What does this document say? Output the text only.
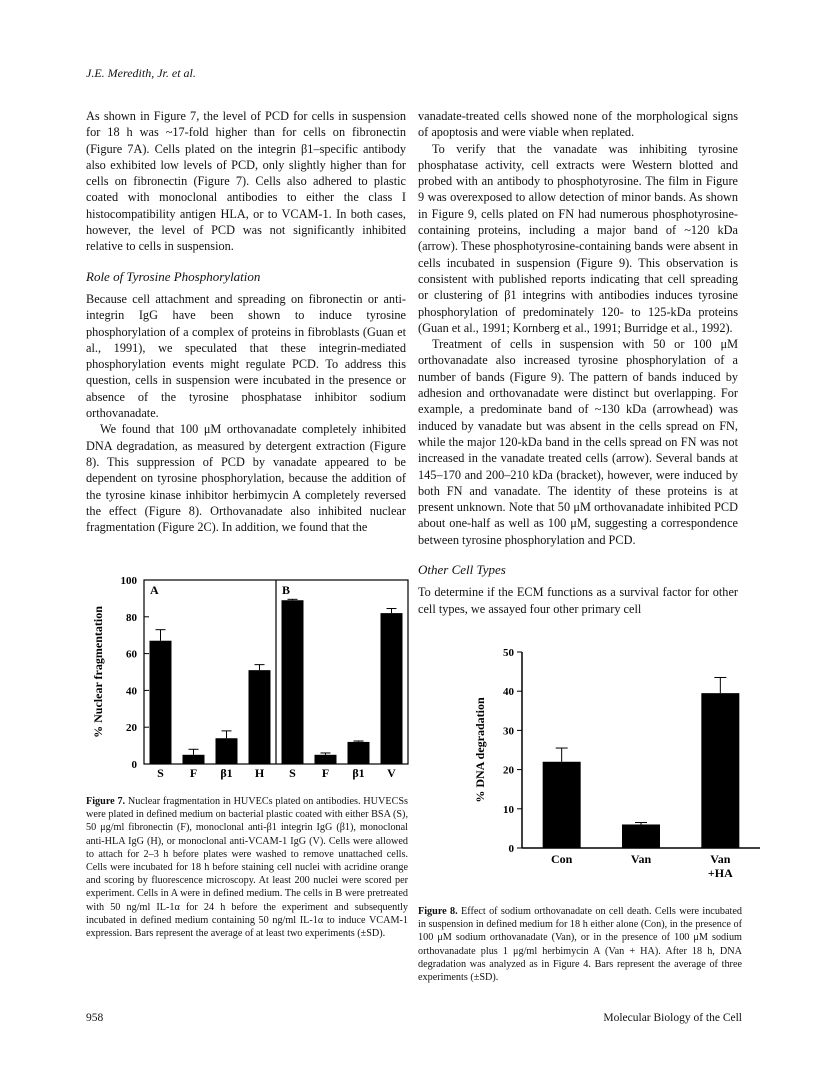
J.E. Meredith, Jr. et al.

As shown in Figure 7, the level of PCD for cells in suspension for 18 h was ~17-fold higher than for cells on fibronectin (Figure 7A). Cells plated on the integrin β1–specific antibody also exhibited low levels of PCD, only slightly higher than for cells on fibronectin (Figure 7). Cells also adhered to plastic coated with monoclonal antibodies to either the class I histocompatibility antigen HLA, or to VCAM-1. In both cases, however, the level of PCD was not significantly inhibited relative to cells in suspension.

Role of Tyrosine Phosphorylation

Because cell attachment and spreading on fibronectin or anti-integrin IgG have been shown to induce tyrosine phosphorylation of a complex of proteins in fibroblasts (Guan et al., 1991), we speculated that these integrin-mediated phosphorylation events might regulate PCD. To address this question, cells in suspension were incubated in the presence or absence of the tyrosine phosphatase inhibitor sodium orthovanadate.

We found that 100 μM orthovanadate completely inhibited DNA degradation, as measured by detergent extraction (Figure 8). This suppression of PCD by vanadate appeared to be dependent on tyrosine phosphorylation, because the addition of the tyrosine kinase inhibitor herbimycin A completely reversed the effect (Figure 8). Orthovanadate also inhibited nuclear fragmentation (Figure 2C). In addition, we found that the

vanadate-treated cells showed none of the morphological signs of apoptosis and were viable when replated.

To verify that the vanadate was inhibiting tyrosine phosphatase activity, cell extracts were Western blotted and probed with an antibody to phosphotyrosine. The film in Figure 9 was overexposed to allow detection of minor bands. As shown in Figure 9, cells plated on FN had numerous phosphotyrosine-containing proteins, including a major band of ~120 kDa (arrow). These phosphotyrosine-containing bands were absent in cells incubated in suspension (Figure 9). This observation is consistent with published reports indicating that cell spreading or clustering of β1 integrins with antibodies induces tyrosine phosphorylation of predominately 120- to 125-kDa proteins (Guan et al., 1991; Kornberg et al., 1991; Burridge et al., 1992).

Treatment of cells in suspension with 50 or 100 μM orthovanadate also increased tyrosine phosphorylation of a number of bands (Figure 9). The pattern of bands induced by adhesion and orthovanadate were distinct but overlapping. For example, a predominate band of ~130 kDa (arrowhead) was induced by vanadate but was absent in the cells spread on FN, while the major 120-kDa band in the cells spread on FN was not increased in the vanadate treated cells (arrow). Several bands at 145–170 and 200–210 kDa (bracket), however, were induced by both FN and vanadate. The identity of these proteins is at present unknown. Note that 50 μM orthovanadate inhibited PCD about one-half as well as 100 μM, suggesting a correspondence between tyrosine phosphorylation and PCD.

Other Cell Types

To determine if the ECM functions as a survival factor for other cell types, we assayed four other primary cell

0
20
40
60
80
100
% Nuclear fragmentation
A
S F β1 H
B
S F β1 V
0
10
20
30
40
50
% DNA degradation
Con	Van	Van
+HA
Figure 7. Nuclear fragmentation in HUVECs plated on antibodies. HUVECSs were plated in defined medium on bacterial plastic coated with either BSA (S), 50 μg/ml fibronectin (F), monoclonal anti-β1 integrin IgG (β1), monoclonal anti-HLA IgG (H), or monoclonal anti-VCAM-1 IgG (V). Cells were allowed to attach for 2–3 h before plates were washed to remove unattached cells. Cells were incubated for 18 h before staining cell nuclei with acridine orange and scoring by fluorescence microscopy. At least 200 nuclei were scored per experiment. Cells in A were in defined medium. The cells in B were pretreated with 50 ng/ml IL-1α for 24 h before the experiment and subsequently incubated in defined medium containing 50 ng/ml IL-1α to induce VCAM-1 expression. Bars represent the average of at least two experiments (±SD).
Figure 8. Effect of sodium orthovanadate on cell death. Cells were incubated in suspension in defined medium for 18 h either alone (Con), in the presence of 100 μM sodium orthovanadate (Van), or in the presence of 100 μM sodium orthovanadate plus 1 μg/ml herbimycin A (Van + HA). After 18 h, DNA degradation was analyzed as in Figure 4. Bars represent the average of three experiments (±SD).
958	Molecular Biology of the Cell
